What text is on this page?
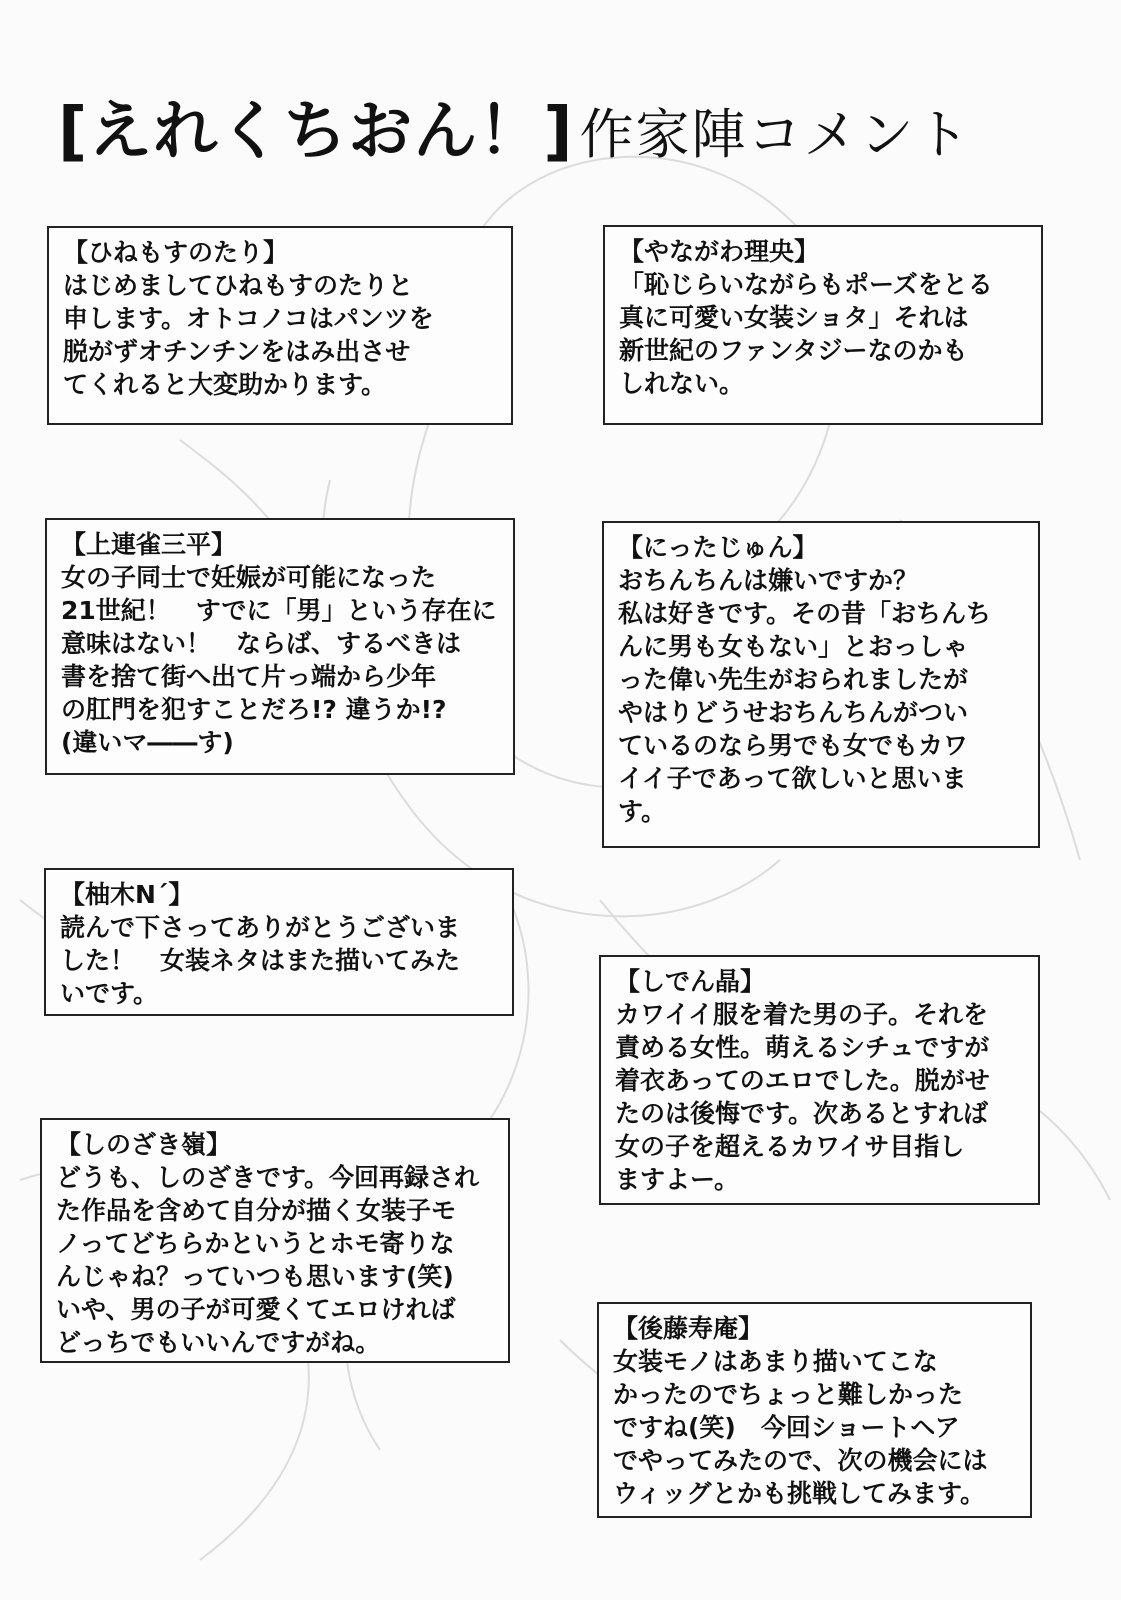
[えれくちおん！] 作家陣コメント
【ひねもすのたり】
はじめましてひねもすのたりと
申します。オトコノコはパンツを
脱がずオチンチンをはみ出させ
てくれると大変助かります。
【上連雀三平】
女の子同士で妊娠が可能になった
21世紀！　すでに「男」という存在に
意味はない！　ならば、するべきは
書を捨て街へ出て片っ端から少年
の肛門を犯すことだろ!? 違うか!?
(違いマ――す)
【柚木N´】
読んで下さってありがとうございま
した！　女装ネタはまた描いてみた
いです。
【しのざき嶺】
どうも、しのざきです。今回再録され
た作品を含めて自分が描く女装子モ
ノってどちらかというとホモ寄りな
んじゃね？っていつも思います(笑)
いや、男の子が可愛くてエロければ
どっちでもいいんですがね。
【やながわ理央】
「恥じらいながらもポーズをとる
真に可愛い女装ショタ」それは
新世紀のファンタジーなのかも
しれない。
【にったじゅん】
おちんちんは嫌いですか？
私は好きです。その昔「おちんち
んに男も女もない」とおっしゃ
った偉い先生がおられましたが
やはりどうせおちんちんがつい
ているのなら男でも女でもカワ
イイ子であって欲しいと思いま
す。
【しでん晶】
カワイイ服を着た男の子。それを
責める女性。萌えるシチュですが
着衣あってのエロでした。脱がせ
たのは後悔です。次あるとすれば
女の子を超えるカワイサ目指し
ますよー。
【後藤寿庵】
女装モノはあまり描いてこな
かったのでちょっと難しかった
ですね(笑)　今回ショートヘア
でやってみたので、次の機会には
ウィッグとかも挑戦してみます。
